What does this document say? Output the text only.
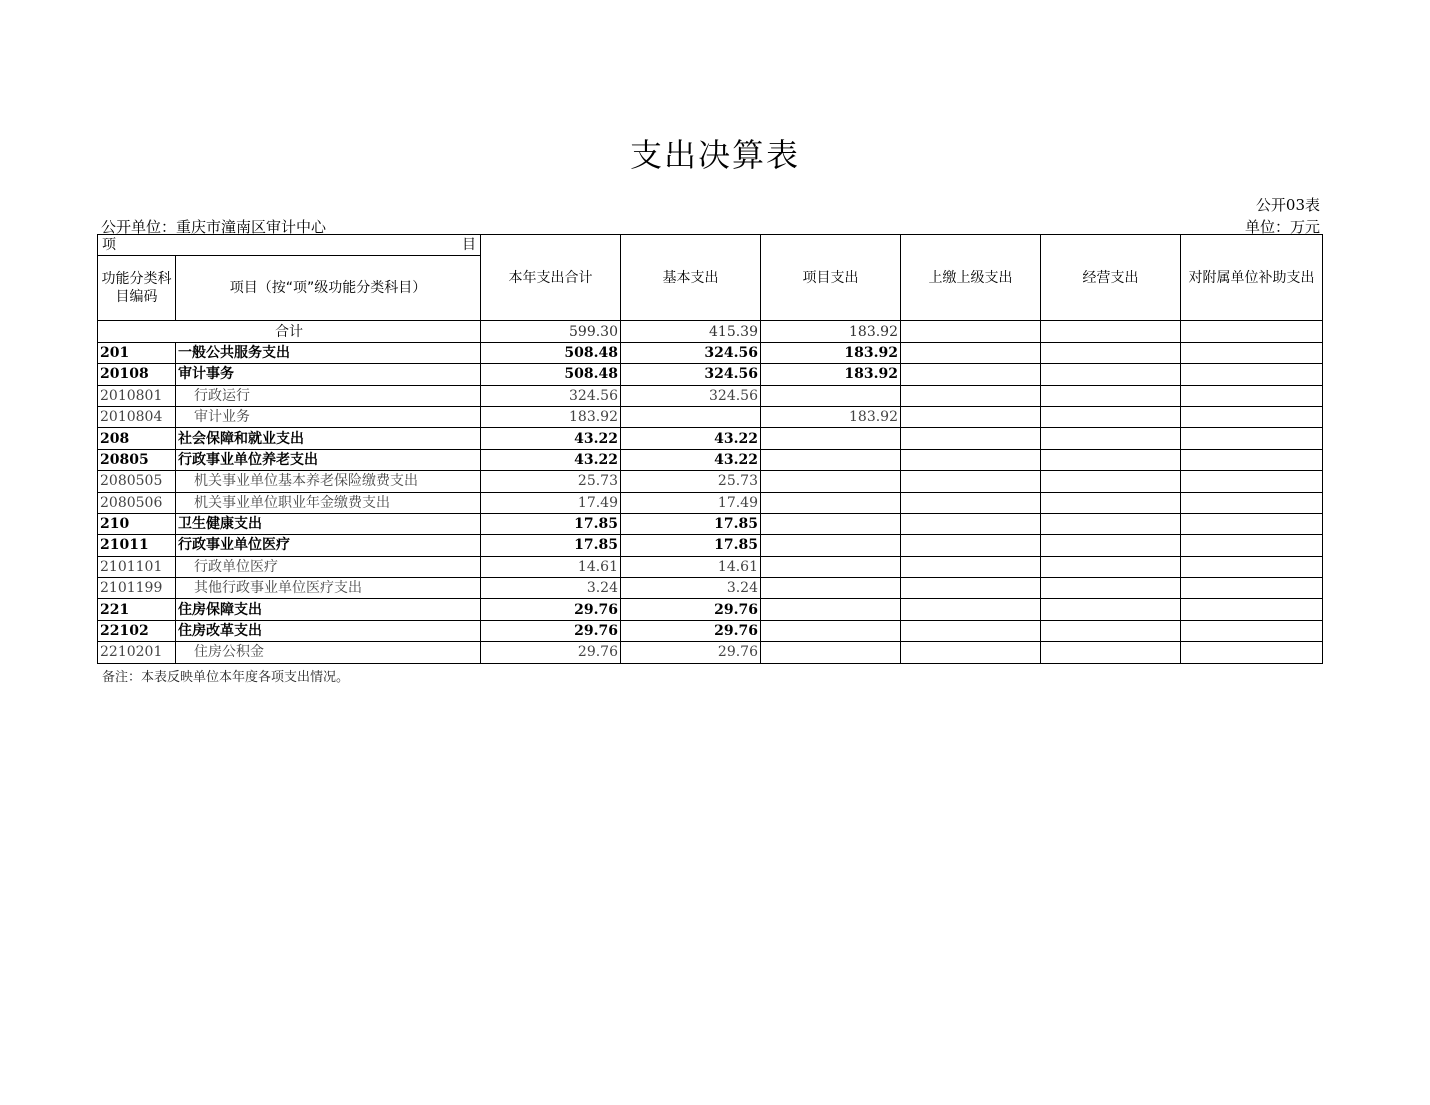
支出决算表
公开03表
公开单位：重庆市潼南区审计中心	单位：万元
项 目		本年支出合计	基本支出	项目支出	上缴上级支出	经营支出	对附属单位补助支出
功能分类科目编码	项目（按“项”级功能分类科目）						
合计		599.30	415.39	183.92			
201	一般公共服务支出	508.48	324.56	183.92			
20108	审计事务	508.48	324.56	183.92			
2010801	行政运行	324.56	324.56				
2010804	审计业务	183.92		183.92			
208	社会保障和就业支出	43.22	43.22				
20805	行政事业单位养老支出	43.22	43.22				
2080505	机关事业单位基本养老保险缴费支出	25.73	25.73				
2080506	机关事业单位职业年金缴费支出	17.49	17.49				
210	卫生健康支出	17.85	17.85				
21011	行政事业单位医疗	17.85	17.85				
2101101	行政单位医疗	14.61	14.61				
2101199	其他行政事业单位医疗支出	3.24	3.24				
221	住房保障支出	29.76	29.76				
22102	住房改革支出	29.76	29.76				
2210201	住房公积金	29.76	29.76				
备注：本表反映单位本年度各项支出情况。
